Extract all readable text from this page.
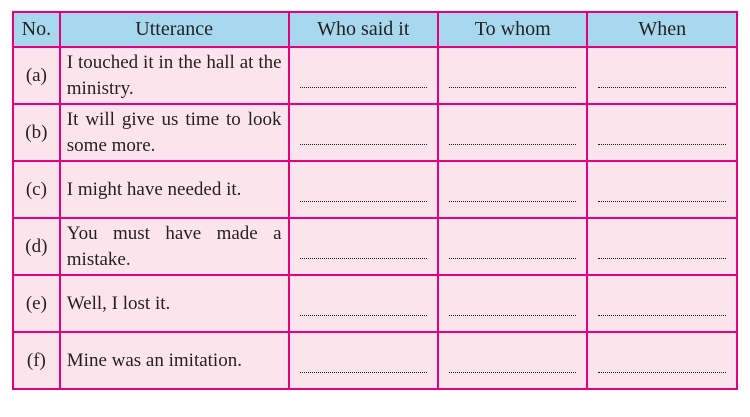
No.	Utterance	Who said it	To whom	When
(a)	I touched it in the hall at the ministry.	

(b)	It will give us time to look some more.	

(c)	I might have needed it.	

(d)	You must have made a mistake.	

(e)	Well, I lost it.	

(f)	Mine was an imitation.	
